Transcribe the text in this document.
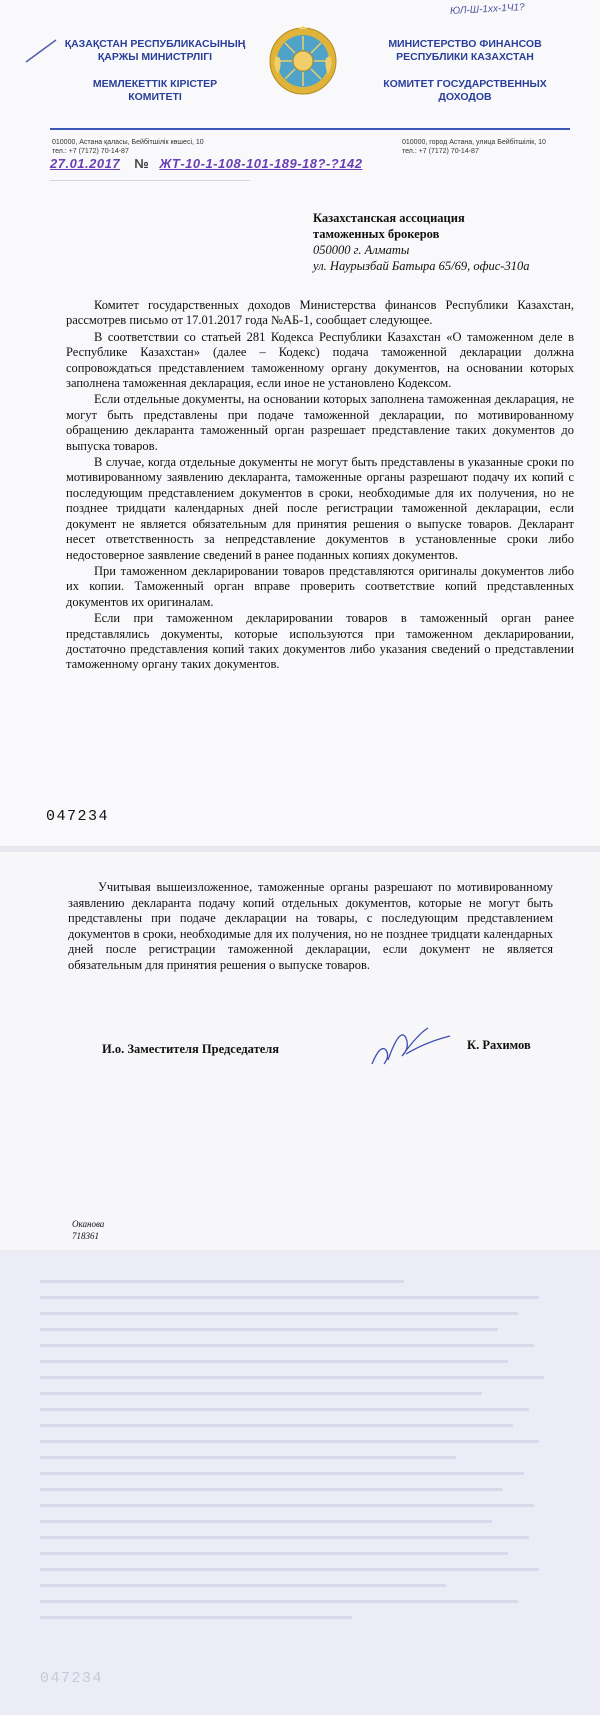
ЮЛ-Ш-1хх-1Ч1?
ҚАЗАҚСТАН РЕСПУБЛИКАСЫНЫҢ
ҚАРЖЫ МИНИСТРЛІГІ
МЕМЛЕКЕТТІК КІРІСТЕР
КОМИТЕТІ
МИНИСТЕРСТВО ФИНАНСОВ
РЕСПУБЛИКИ КАЗАХСТАН
КОМИТЕТ ГОСУДАРСТВЕННЫХ
ДОХОДОВ
010000, Астана қаласы, Бейбітшілік көшесі, 10
тел.: +7 (7172) 70-14-87
010000, город Астана, улица Бейбітшілік, 10
тел.: +7 (7172) 70-14-87
27.01.2017 № ЖТ-10-1-108-101-189-18?-?142
Казахстанская ассоциация
таможенных брокеров
050000 г. Алматы
ул. Наурызбай Батыра 65/69, офис-310а

Комитет государственных доходов Министерства финансов Республики Казахстан, рассмотрев письмо от 17.01.2017 года №АБ-1, сообщает следующее.

В соответствии со статьей 281 Кодекса Республики Казахстан «О таможенном деле в Республике Казахстан» (далее – Кодекс) подача таможенной декларации должна сопровождаться представлением таможенному органу документов, на основании которых заполнена таможенная декларация, если иное не установлено Кодексом.

Если отдельные документы, на основании которых заполнена таможенная декларация, не могут быть представлены при подаче таможенной декларации, по мотивированному обращению декларанта таможенный орган разрешает представление таких документов до выпуска товаров.

В случае, когда отдельные документы не могут быть представлены в указанные сроки по мотивированному заявлению декларанта, таможенные органы разрешают подачу их копий с последующим представлением документов в сроки, необходимые для их получения, но не позднее тридцати календарных дней после регистрации таможенной декларации, если документ не является обязательным для принятия решения о выпуске товаров. Декларант несет ответственность за непредставление документов в установленные сроки либо недостоверное заявление сведений в ранее поданных копиях документов.

При таможенном декларировании товаров представляются оригиналы документов либо их копии. Таможенный орган вправе проверить соответствие копий представленных документов их оригиналам.

Если при таможенном декларировании товаров в таможенный орган ранее представлялись документы, которые используются при таможенном декларировании, достаточно представления копий таких документов либо указания сведений о представлении таможенному органу таких документов.

047234
Учитывая вышеизложенное, таможенные органы разрешают по мотивированному заявлению декларанта подачу копий отдельных документов, которые не могут быть представлены при подаче декларации на товары, с последующим представлением документов в сроки, необходимые для их получения, но не позднее тридцати календарных дней после регистрации таможенной декларации, если документ не является обязательным для принятия решения о выпуске товаров.
И.о. Заместителя Председателя	К. Рахимов
Оканова
718361
047234
